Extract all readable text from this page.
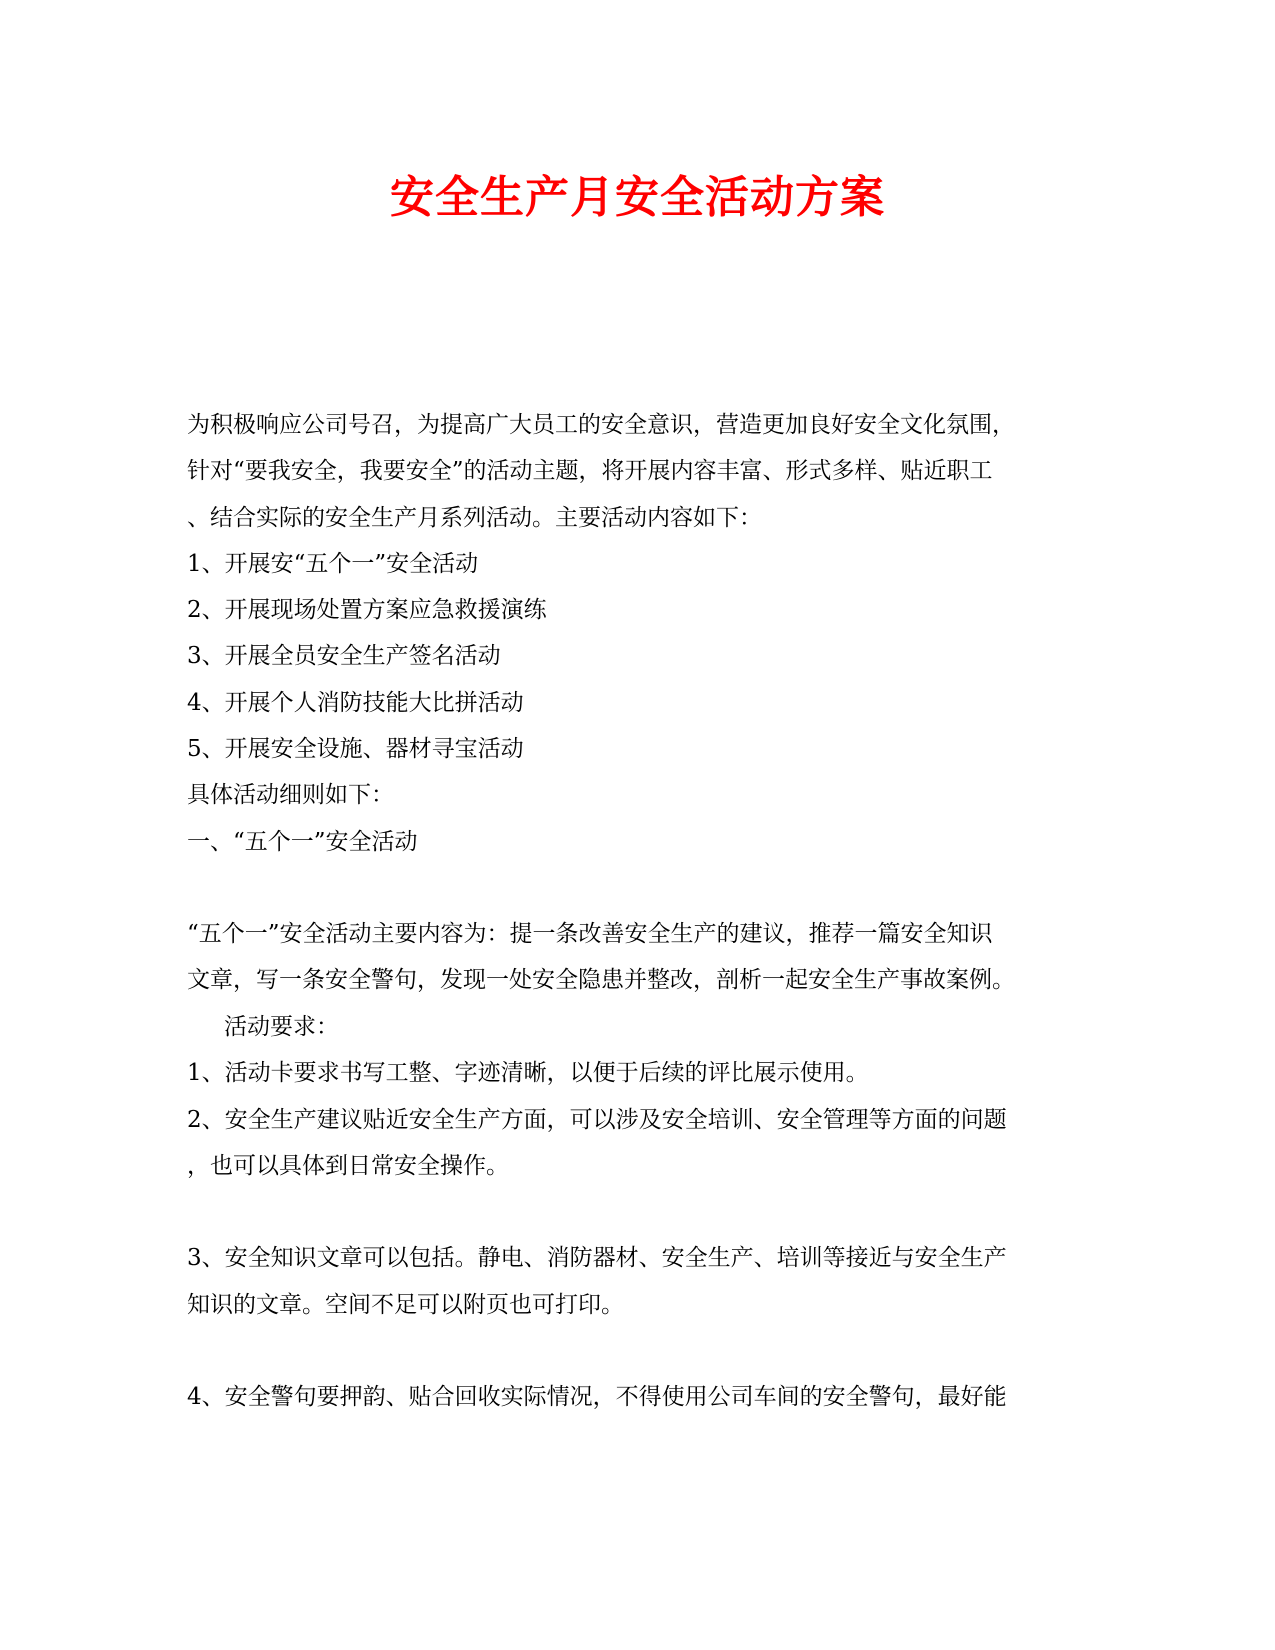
安全生产月安全活动方案
为积极响应公司号召，为提高广大员工的安全意识，营造更加良好安全文化氛围，
针对“要我安全，我要安全”的活动主题，将开展内容丰富、形式多样、贴近职工
、结合实际的安全生产月系列活动。主要活动内容如下：
1、开展安“五个一”安全活动
2、开展现场处置方案应急救援演练
3、开展全员安全生产签名活动
4、开展个人消防技能大比拼活动
5、开展安全设施、器材寻宝活动
具体活动细则如下：
一、“五个一”安全活动
“五个一”安全活动主要内容为：提一条改善安全生产的建议，推荐一篇安全知识
文章，写一条安全警句，发现一处安全隐患并整改，剖析一起安全生产事故案例。
活动要求：
1、活动卡要求书写工整、字迹清晰，以便于后续的评比展示使用。
2、安全生产建议贴近安全生产方面，可以涉及安全培训、安全管理等方面的问题
，也可以具体到日常安全操作。
3、安全知识文章可以包括。静电、消防器材、安全生产、培训等接近与安全生产
知识的文章。空间不足可以附页也可打印。
4、安全警句要押韵、贴合回收实际情况，不得使用公司车间的安全警句，最好能
